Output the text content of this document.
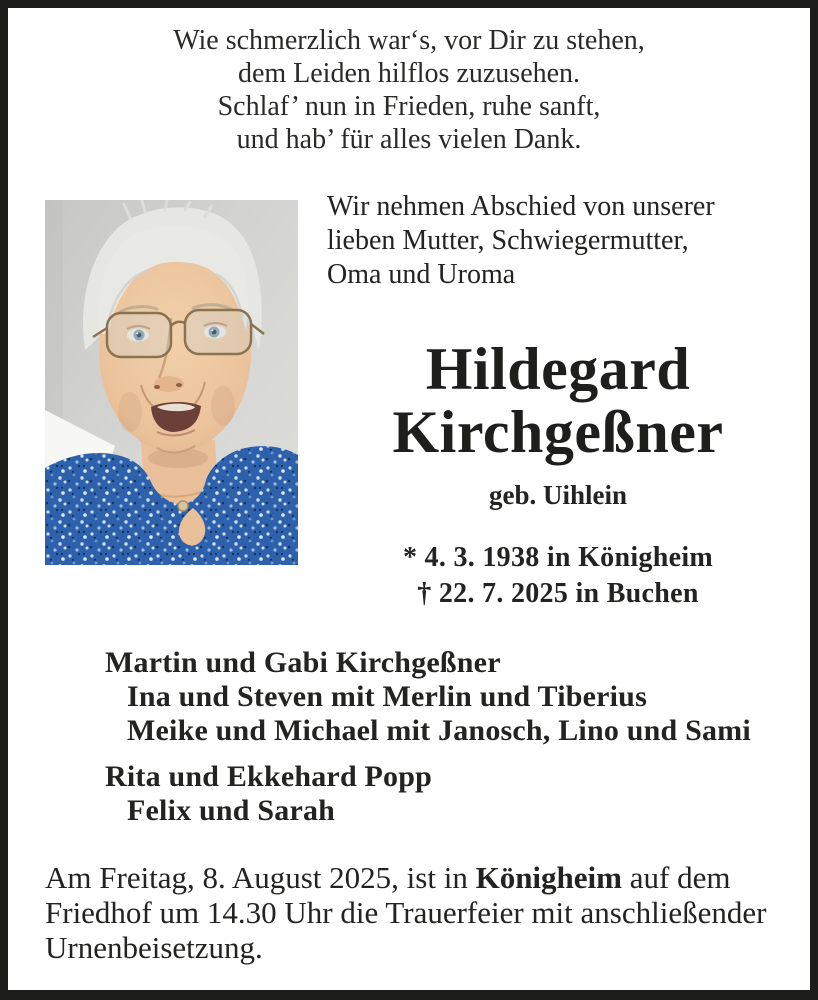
Wie schmerzlich war‘s, vor Dir zu stehen,
dem Leiden hilflos zuzusehen.
Schlaf’ nun in Frieden, ruhe sanft,
und hab’ für alles vielen Dank.
Wir nehmen Abschied von unserer
lieben Mutter, Schwiegermutter,
Oma und Uroma
Hildegard
Kirchgeßner
geb. Uihlein
* 4. 3. 1938 in Königheim
† 22. 7. 2025 in Buchen
Martin und Gabi Kirchgeßner
Ina und Steven mit Merlin und Tiberius
Meike und Michael mit Janosch, Lino und Sami
Rita und Ekkehard Popp
Felix und Sarah
Am Freitag, 8. August 2025, ist in Königheim auf dem
Friedhof um 14.30 Uhr die Trauerfeier mit anschließender
Urnenbeisetzung.
